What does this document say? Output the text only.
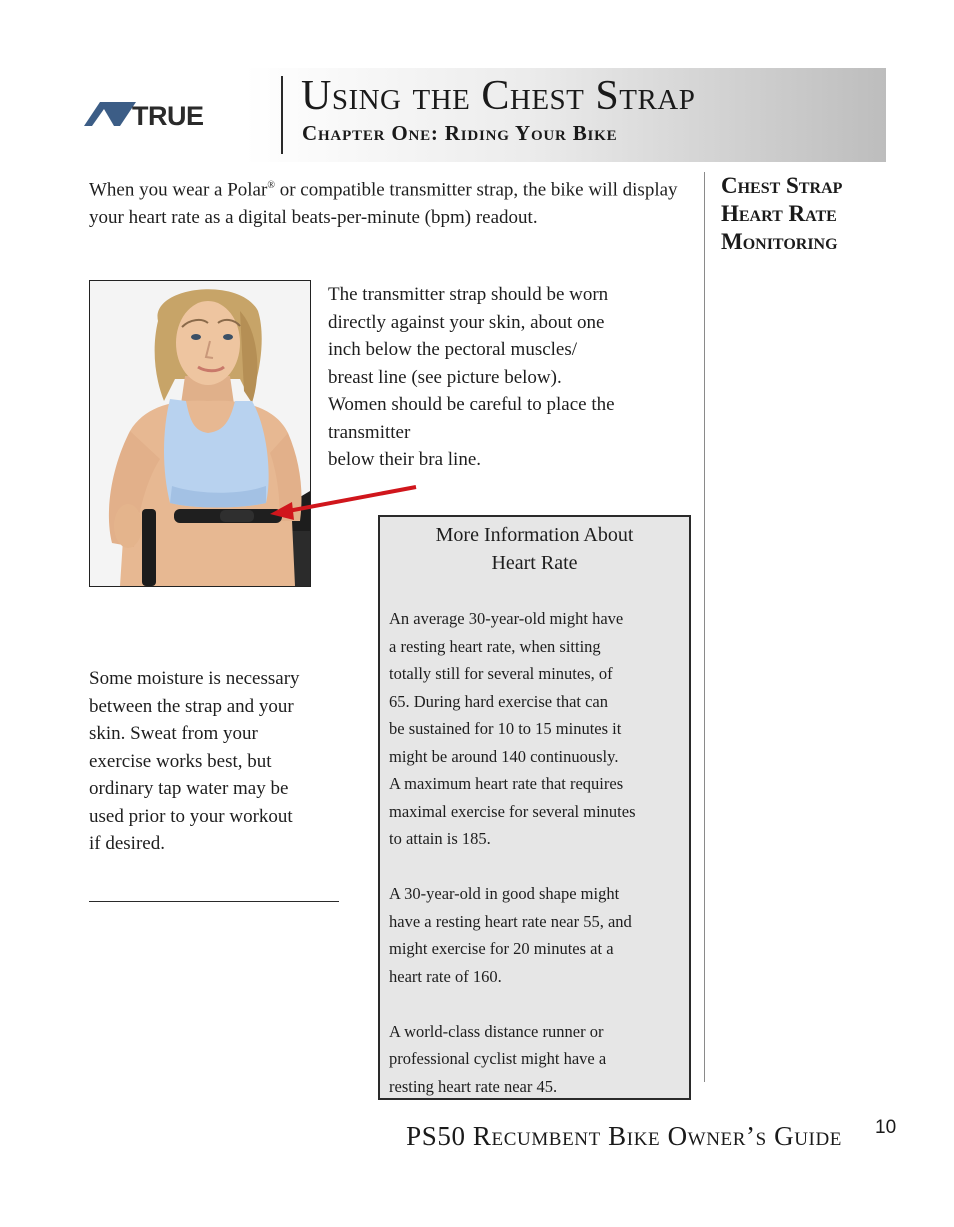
TRUE Using the Chest Strap
Chapter One: Riding Your Bike
Chest Strap
Heart Rate
Monitoring

When you wear a Polar® or compatible transmitter strap, the bike will display your heart rate as a digital beats-per-minute (bpm) readout.

The transmitter strap should be worn
directly against your skin, about one
inch below the pectoral muscles/
breast line (see picture below).
Women should be careful to place the
transmitter
below their bra line.

Some moisture is necessary
between the strap and your
skin. Sweat from your
exercise works best, but
ordinary tap water may be
used prior to your workout
if desired.

More Information About
Heart Rate
An average 30-year-old might have
a resting heart rate, when sitting
totally still for several minutes, of
65. During hard exercise that can
be sustained for 10 to 15 minutes it
might be around 140 continuously.
A maximum heart rate that requires
maximal exercise for several minutes
to attain is 185.
A 30-year-old in good shape might
have a resting heart rate near 55, and
might exercise for 20 minutes at a
heart rate of 160.
A world-class distance runner or
professional cyclist might have a
resting heart rate near 45.
PS50 Recumbent Bike Owner’s Guide 10
